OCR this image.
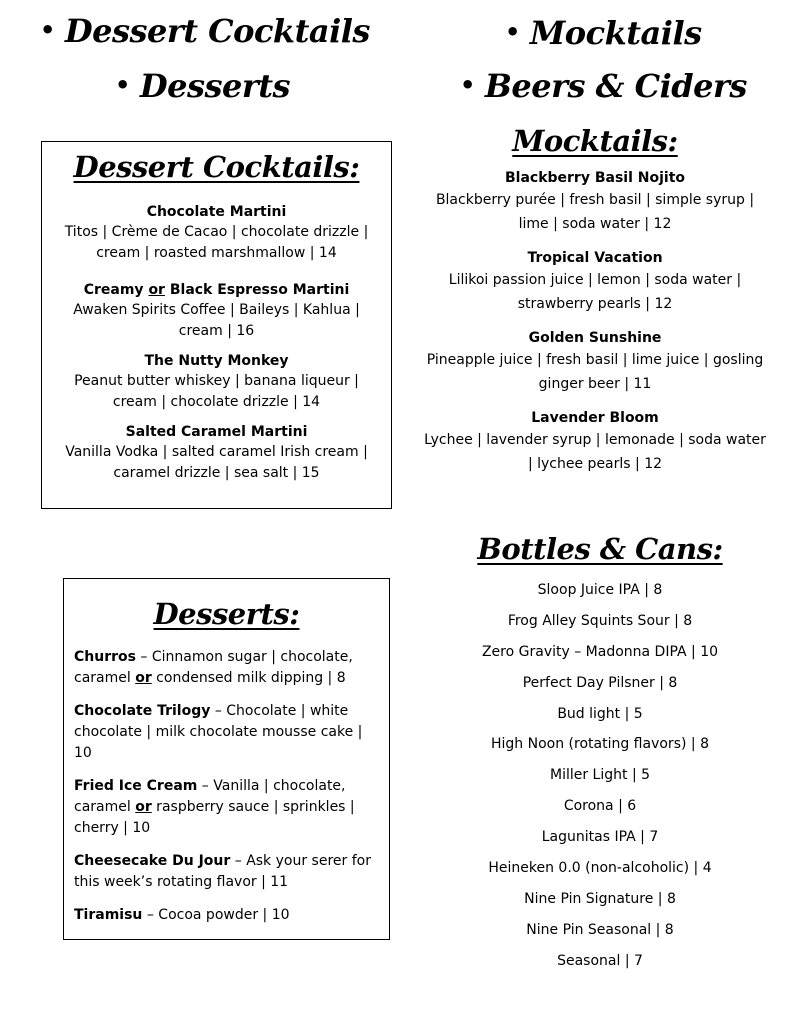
• Dessert Cocktails
• Desserts
• Mocktails
• Beers & Ciders
Dessert Cocktails:
Chocolate Martini
Titos | Crème de Cacao | chocolate drizzle | cream | roasted marshmallow | 14
Creamy or Black Espresso Martini
Awaken Spirits Coffee | Baileys | Kahlua | cream | 16
The Nutty Monkey
Peanut butter whiskey | banana liqueur | cream | chocolate drizzle | 14
Salted Caramel Martini
Vanilla Vodka | salted caramel Irish cream | caramel drizzle | sea salt | 15
Mocktails:
Blackberry Basil Nojito
Blackberry purée | fresh basil | simple syrup | lime | soda water | 12
Tropical Vacation
Lilikoi passion juice | lemon | soda water | strawberry pearls | 12
Golden Sunshine
Pineapple juice | fresh basil | lime juice | gosling ginger beer | 11
Lavender Bloom
Lychee | lavender syrup | lemonade | soda water | lychee pearls | 12
Desserts:
Churros – Cinnamon sugar | chocolate, caramel or condensed milk dipping | 8
Chocolate Trilogy – Chocolate | white chocolate | milk chocolate mousse cake | 10
Fried Ice Cream – Vanilla | chocolate, caramel or raspberry sauce | sprinkles | cherry | 10
Cheesecake Du Jour – Ask your serer for this week’s rotating flavor | 11
Tiramisu – Cocoa powder | 10
Bottles & Cans:
Sloop Juice IPA | 8
Frog Alley Squints Sour | 8
Zero Gravity – Madonna DIPA | 10
Perfect Day Pilsner | 8
Bud light | 5
High Noon (rotating flavors) | 8
Miller Light | 5
Corona | 6
Lagunitas IPA | 7
Heineken 0.0 (non-alcoholic) | 4
Nine Pin Signature | 8
Nine Pin Seasonal | 8
Seasonal | 7
